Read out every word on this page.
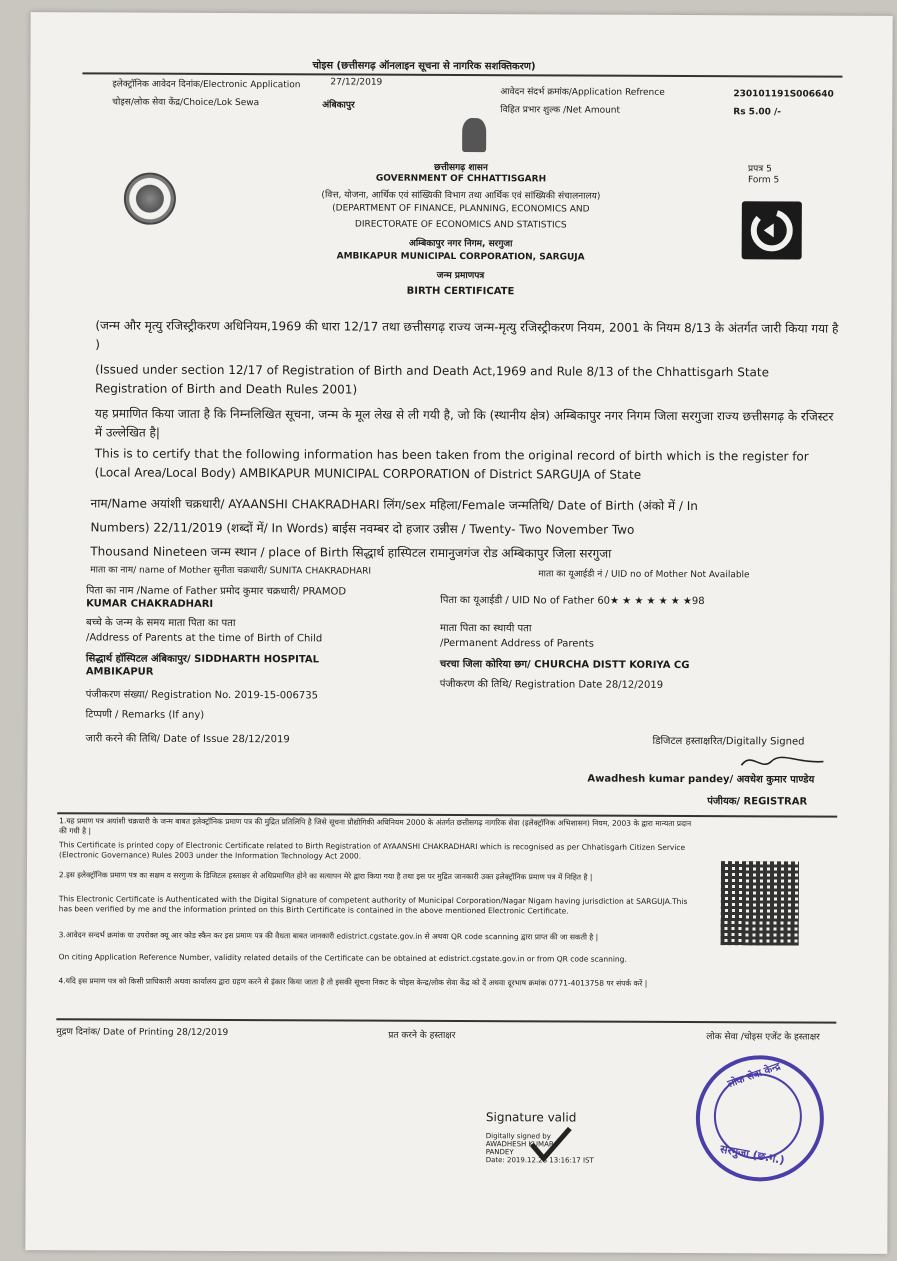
चोइस (छत्तीसगढ़ ऑनलाइन सूचना से नागरिक सशक्तिकरण)
इलेक्ट्रॉनिक आवेदन दिनांक/Electronic Application	27/12/2019
आवेदन संदर्भ क्रमांक/Application Refrence	230101191S006640
चोइस/लोक सेवा केंद्र/Choice/Lok Sewa	अंबिकापुर	विहित प्रभार शुल्क /Net Amount	Rs 5.00 /-
छत्तीसगढ़ शासन
GOVERNMENT OF CHHATTISGARH
(वित्त, योजना, आर्थिक एवं सांख्यिकी विभाग तथा आर्थिक एवं सांख्यिकी संचालनालय)
(DEPARTMENT OF FINANCE, PLANNING, ECONOMICS AND
DIRECTORATE OF ECONOMICS AND STATISTICS
अम्बिकापुर नगर निगम, सरगुजा
AMBIKAPUR MUNICIPAL CORPORATION, SARGUJA
जन्म प्रमाणपत्र
BIRTH CERTIFICATE
प्रपत्र 5
Form 5
(जन्म और मृत्यु रजिस्ट्रीकरण अधिनियम,1969 की धारा 12/17 तथा छत्तीसगढ़ राज्य जन्म-मृत्यु रजिस्ट्रीकरण नियम, 2001 के नियम 8/13 के अंतर्गत जारी किया गया है )
(Issued under section 12/17 of Registration of Birth and Death Act,1969 and Rule 8/13 of the Chhattisgarh State Registration of Birth and Death Rules 2001)
यह प्रमाणित किया जाता है कि निम्नलिखित सूचना, जन्म के मूल लेख से ली गयी है, जो कि (स्थानीय क्षेत्र) अम्बिकापुर नगर निगम जिला सरगुजा राज्य छत्तीसगढ़ के रजिस्टर में उल्लेखित है|
This is to certify that the following information has been taken from the original record of birth which is the register for (Local Area/Local Body) AMBIKAPUR MUNICIPAL CORPORATION of District SARGUJA of State
नाम/Name अयांशी चक्रधारी/ AYAANSHI CHAKRADHARI लिंग/sex महिला/Female जन्मतिथि/ Date of Birth (अंको में / In
Numbers) 22/11/2019 (शब्दों में/ In Words) बाईस नवम्बर दो हजार उन्नीस / Twenty- Two November Two
Thousand Nineteen जन्म स्थान / place of Birth सिद्धार्थ हास्पिटल रामानुजगंज रोड अम्बिकापुर जिला सरगुजा
माता का नाम/ name of Mother सुनीता चक्रधारी/ SUNITA CHAKRADHARI	माता का यूआईडी नं / UID no of Mother Not Available
पिता का नाम /Name of Father प्रमोद कुमार चक्रधारी/ PRAMOD
KUMAR CHAKRADHARI	पिता का यूआईडी / UID No of Father 60★ ★ ★ ★ ★ ★ ★98
बच्चे के जन्म के समय माता पिता का पता
/Address of Parents at the time of Birth of Child
सिद्धार्थ हॉस्पिटल अंबिकापुर/ SIDDHARTH HOSPITAL
AMBIKAPUR
माता पिता का स्थायी पता
/Permanent Address of Parents
चरचा जिला कोरिया छग/ CHURCHA DISTT KORIYA CG
पंजीकरण संख्या/ Registration No. 2019-15-006735
पंजीकरण की तिथि/ Registration Date 28/12/2019
टिप्पणी / Remarks (If any)
जारी करने की तिथि/ Date of Issue 28/12/2019	डिजिटल हस्ताक्षरित/Digitally Signed
Awadhesh kumar pandey/ अवधेश कुमार पाण्डेय
पंजीयक/ REGISTRAR
1.यह प्रमाण पत्र अयांशी चक्रधारी के जन्म बाबत इलेक्ट्रॉनिक प्रमाण पत्र की मुद्रित प्रतिलिपि है जिसे सूचना प्रौद्योगिकी अधिनियम 2000 के अंतर्गत छत्तीसगढ़ नागरिक सेवा (इलेक्ट्रॉनिक अभिशासन) नियम, 2003 के द्वारा मान्यता प्रदान की गयी है |
This Certificate is printed copy of Electronic Certificate related to Birth Registration of AYAANSHI CHAKRADHARI which is recognised as per Chhatisgarh Citizen Service (Electronic Governance) Rules 2003 under the Information Technology Act 2000.
2.इस इलेक्ट्रॉनिक प्रमाण पत्र का सक्षम व सरगुजा के डिजिटल हस्ताक्षर से अधिप्रमाणित होने का सत्यापन मेरे द्वारा किया गया है तथा इस पर मुद्रित जानकारी उक्त इलेक्ट्रॉनिक प्रमाण पत्र में निहित है |
This Electronic Certificate is Authenticated with the Digital Signature of competent authority of Municipal Corporation/Nagar Nigam having jurisdiction at SARGUJA.This has been verified by me and the information printed on this Birth Certificate is contained in the above mentioned Electronic Certificate.
3.आवेदन सन्दर्भ क्रमांक या उपरोक्त क्यू आर कोड स्कैन कर इस प्रमाण पत्र की वैधता बाबत जानकारी edistrict.cgstate.gov.in से अथवा QR code scanning द्वारा प्राप्त की जा सकती है |
On citing Application Reference Number, validity related details of the Certificate can be obtained at edistrict.cgstate.gov.in or from QR code scanning.
4.यदि इस प्रमाण पत्र को किसी प्राधिकारी अथवा कार्यालय द्वारा ग्रहण करने से इंकार किया जाता है तो इसकी सूचना निकट के चोइस केन्द्र/लोक सेवा केंद्र को दें अथवा दूरभाष क्रमांक 0771-4013758 पर संपर्क करें |
मुद्रण दिनांक/ Date of Printing 28/12/2019	प्रत करने के हस्ताक्षर	लोक सेवा /चोइस एजेंट के हस्ताक्षर
Signature valid
Digitally signed by
AWADHESH KUMAR
PANDEY
Date: 2019.12.28 13:16:17 IST
लोक सेवा केन्द्र
सरगुजा (छ.ग.)
